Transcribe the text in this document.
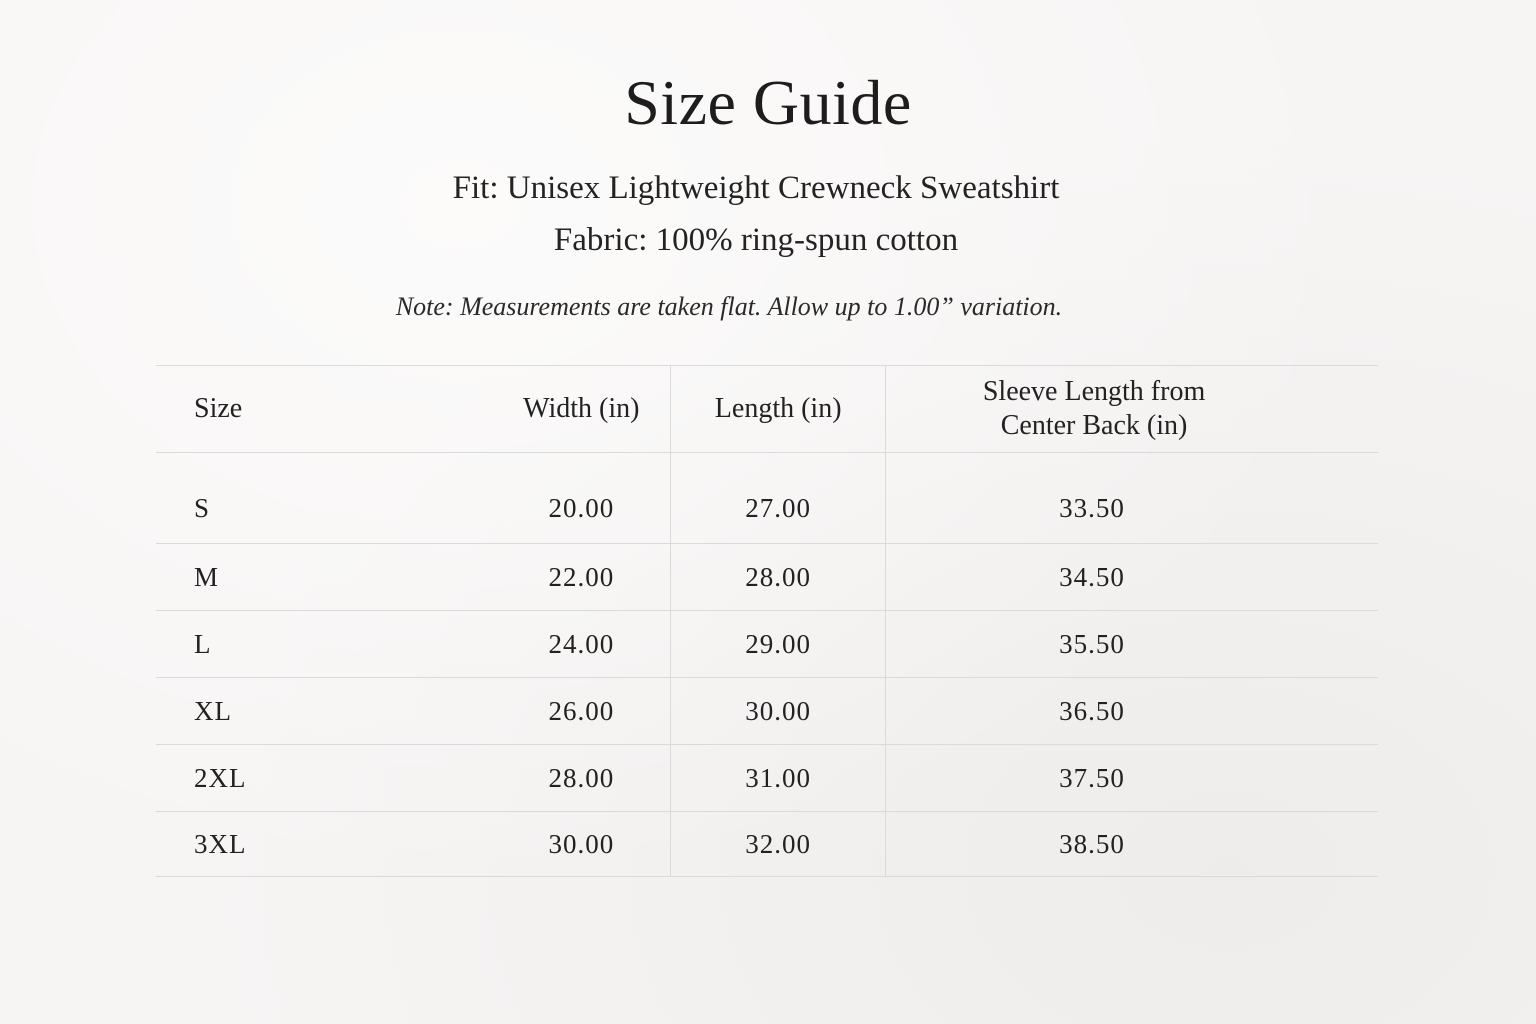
Size Guide
Fit: Unisex Lightweight Crewneck Sweatshirt
Fabric: 100% ring-spun cotton
Note: Measurements are taken flat. Allow up to 1.00” variation.

Size	Width (in)	Length (in)	Sleeve Length from
Center Back (in)
S	20.00	27.00	33.50
M	22.00	28.00	34.50
L	24.00	29.00	35.50
XL	26.00	30.00	36.50
2XL	28.00	31.00	37.50
3XL	30.00	32.00	38.50
